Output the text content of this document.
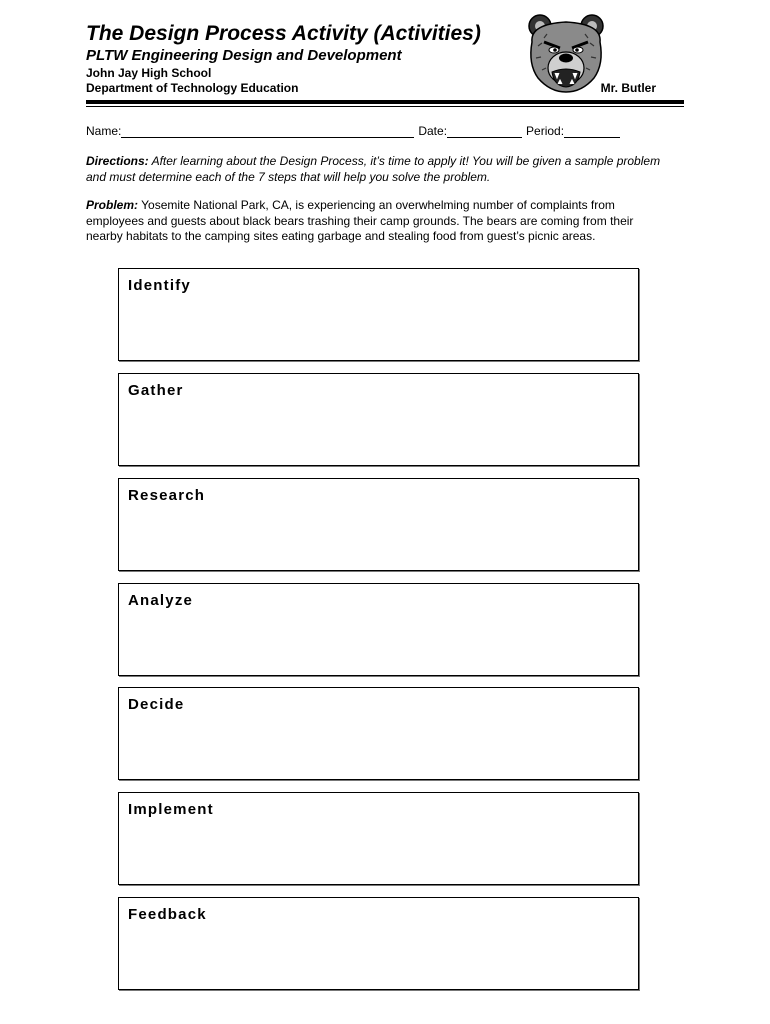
The Design Process Activity (Activities)
PLTW Engineering Design and Development
John Jay High School
Department of Technology Education	Mr. Butler
Name:	Date:	Period:
Directions: After learning about the Design Process, it’s time to apply it! You will be given a sample problem and must determine each of the 7 steps that will help you solve the problem.
Problem: Yosemite National Park, CA, is experiencing an overwhelming number of complaints from employees and guests about black bears trashing their camp grounds. The bears are coming from their nearby habitats to the camping sites eating garbage and stealing food from guest’s picnic areas.
Identify
Gather
Research
Analyze
Decide
Implement
Feedback
